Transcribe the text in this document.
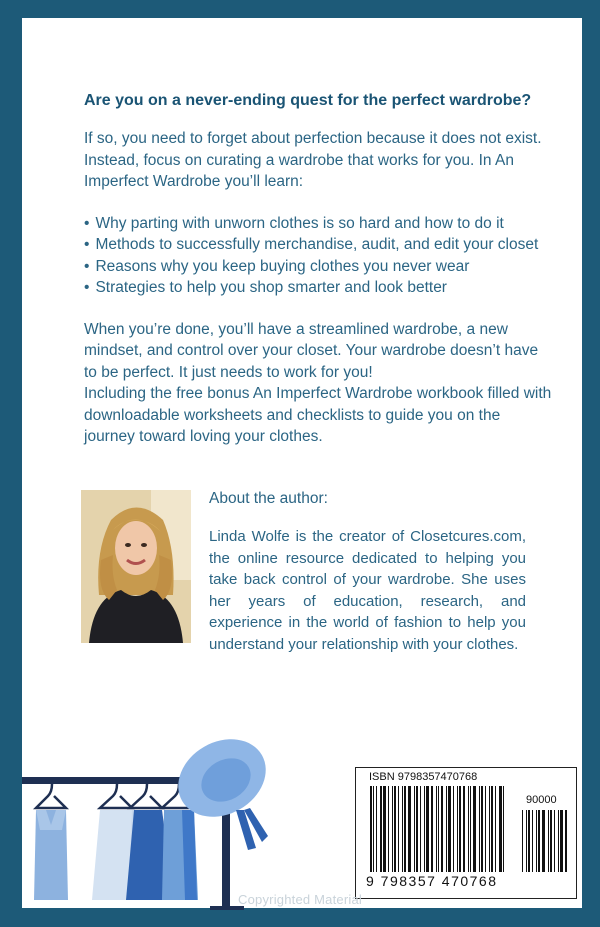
Are you on a never-ending quest for the perfect wardrobe?

If so, you need to forget about perfection because it does not exist. Instead, focus on curating a wardrobe that works for you. In An Imperfect Wardrobe you’ll learn:

• Why parting with unworn clothes is so hard and how to do it
• Methods to successfully merchandise, audit, and edit your closet
• Reasons why you keep buying clothes you never wear
• Strategies to help you shop smarter and look better

When you’re done, you’ll have a streamlined wardrobe, a new mindset, and control over your closet. Your wardrobe doesn’t have to be perfect. It just needs to work for you!

Including the free bonus An Imperfect Wardrobe workbook filled with downloadable worksheets and checklists to guide you on the journey toward loving your clothes.

About the author:
Linda Wolfe is the creator of Closetcures.com, the online resource dedicated to helping you take back control of your wardrobe. She uses her years of education, research, and experience in the world of fashion to help you understand your relationship with your clothes.
ISBN 9798357470768
90000
9 798357 470768
Copyrighted Material
